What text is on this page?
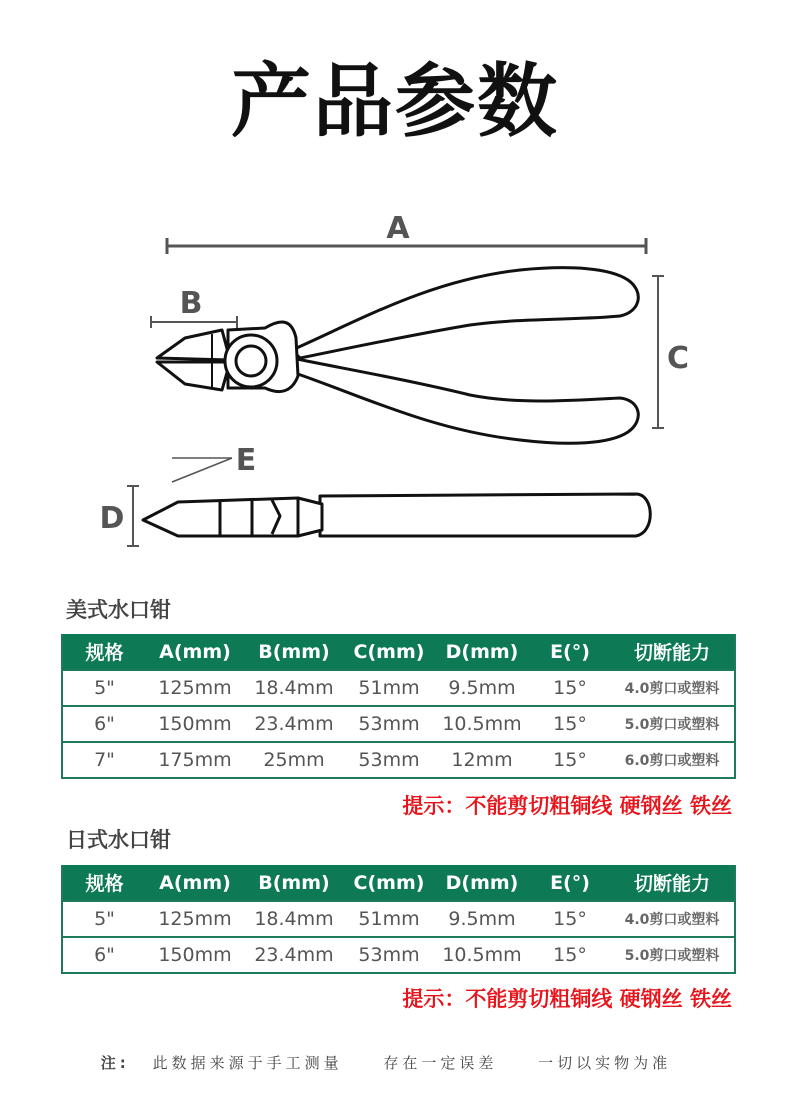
产品参数
A
B
C
E
D
美式水口钳
规格	A(mm)	B(mm)	C(mm)	D(mm)	E(°)	切断能力
5"	125mm	18.4mm	51mm	9.5mm	15°	4.0剪口或塑料
6"	150mm	23.4mm	53mm	10.5mm	15°	5.0剪口或塑料
7"	175mm	25mm	53mm	12mm	15°	6.0剪口或塑料
提示：不能剪切粗铜线 硬钢丝 铁丝
日式水口钳
规格	A(mm)	B(mm)	C(mm)	D(mm)	E(°)	切断能力
5"	125mm	18.4mm	51mm	9.5mm	15°	4.0剪口或塑料
6"	150mm	23.4mm	53mm	10.5mm	15°	5.0剪口或塑料
提示：不能剪切粗铜线 硬钢丝 铁丝
注: 此数据来源于手工测量	存在一定误差	一切以实物为准
